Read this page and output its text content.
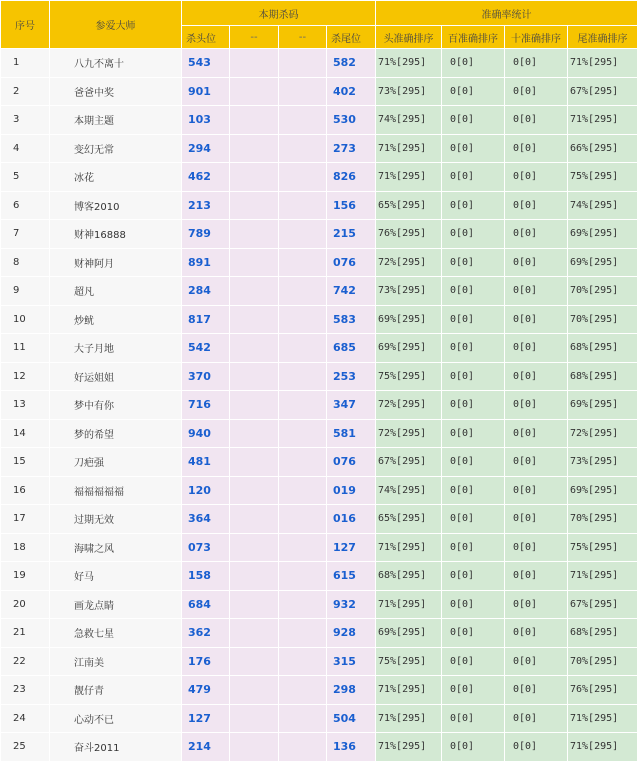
序号	参爱大师	本期杀码				准确率统计			
		杀头位	--	--	杀尾位	头准确排序	百准确排序	十准确排序	尾准确排序
1	八九不离十	543			582	71%[295]	0[0]	0[0]	71%[295]
2	爸爸中奖	901			402	73%[295]	0[0]	0[0]	67%[295]
3	本期主题	103			530	74%[295]	0[0]	0[0]	71%[295]
4	变幻无常	294			273	71%[295]	0[0]	0[0]	66%[295]
5	冰花	462			826	71%[295]	0[0]	0[0]	75%[295]
6	博客2010	213			156	65%[295]	0[0]	0[0]	74%[295]
7	财神16888	789			215	76%[295]	0[0]	0[0]	69%[295]
8	财神阿月	891			076	72%[295]	0[0]	0[0]	69%[295]
9	超凡	284			742	73%[295]	0[0]	0[0]	70%[295]
10	炒鱿	817			583	69%[295]	0[0]	0[0]	70%[295]
11	大子月地	542			685	69%[295]	0[0]	0[0]	68%[295]
12	好运姐姐	370			253	75%[295]	0[0]	0[0]	68%[295]
13	梦中有你	716			347	72%[295]	0[0]	0[0]	69%[295]
14	梦的希望	940			581	72%[295]	0[0]	0[0]	72%[295]
15	刀疤强	481			076	67%[295]	0[0]	0[0]	73%[295]
16	福福福福福	120			019	74%[295]	0[0]	0[0]	69%[295]
17	过期无效	364			016	65%[295]	0[0]	0[0]	70%[295]
18	海啸之风	073			127	71%[295]	0[0]	0[0]	75%[295]
19	好马	158			615	68%[295]	0[0]	0[0]	71%[295]
20	画龙点睛	684			932	71%[295]	0[0]	0[0]	67%[295]
21	急救七星	362			928	69%[295]	0[0]	0[0]	68%[295]
22	江南美	176			315	75%[295]	0[0]	0[0]	70%[295]
23	靓仔青	479			298	71%[295]	0[0]	0[0]	76%[295]
24	心动不已	127			504	71%[295]	0[0]	0[0]	71%[295]
25	奋斗2011	214			136	71%[295]	0[0]	0[0]	71%[295]
